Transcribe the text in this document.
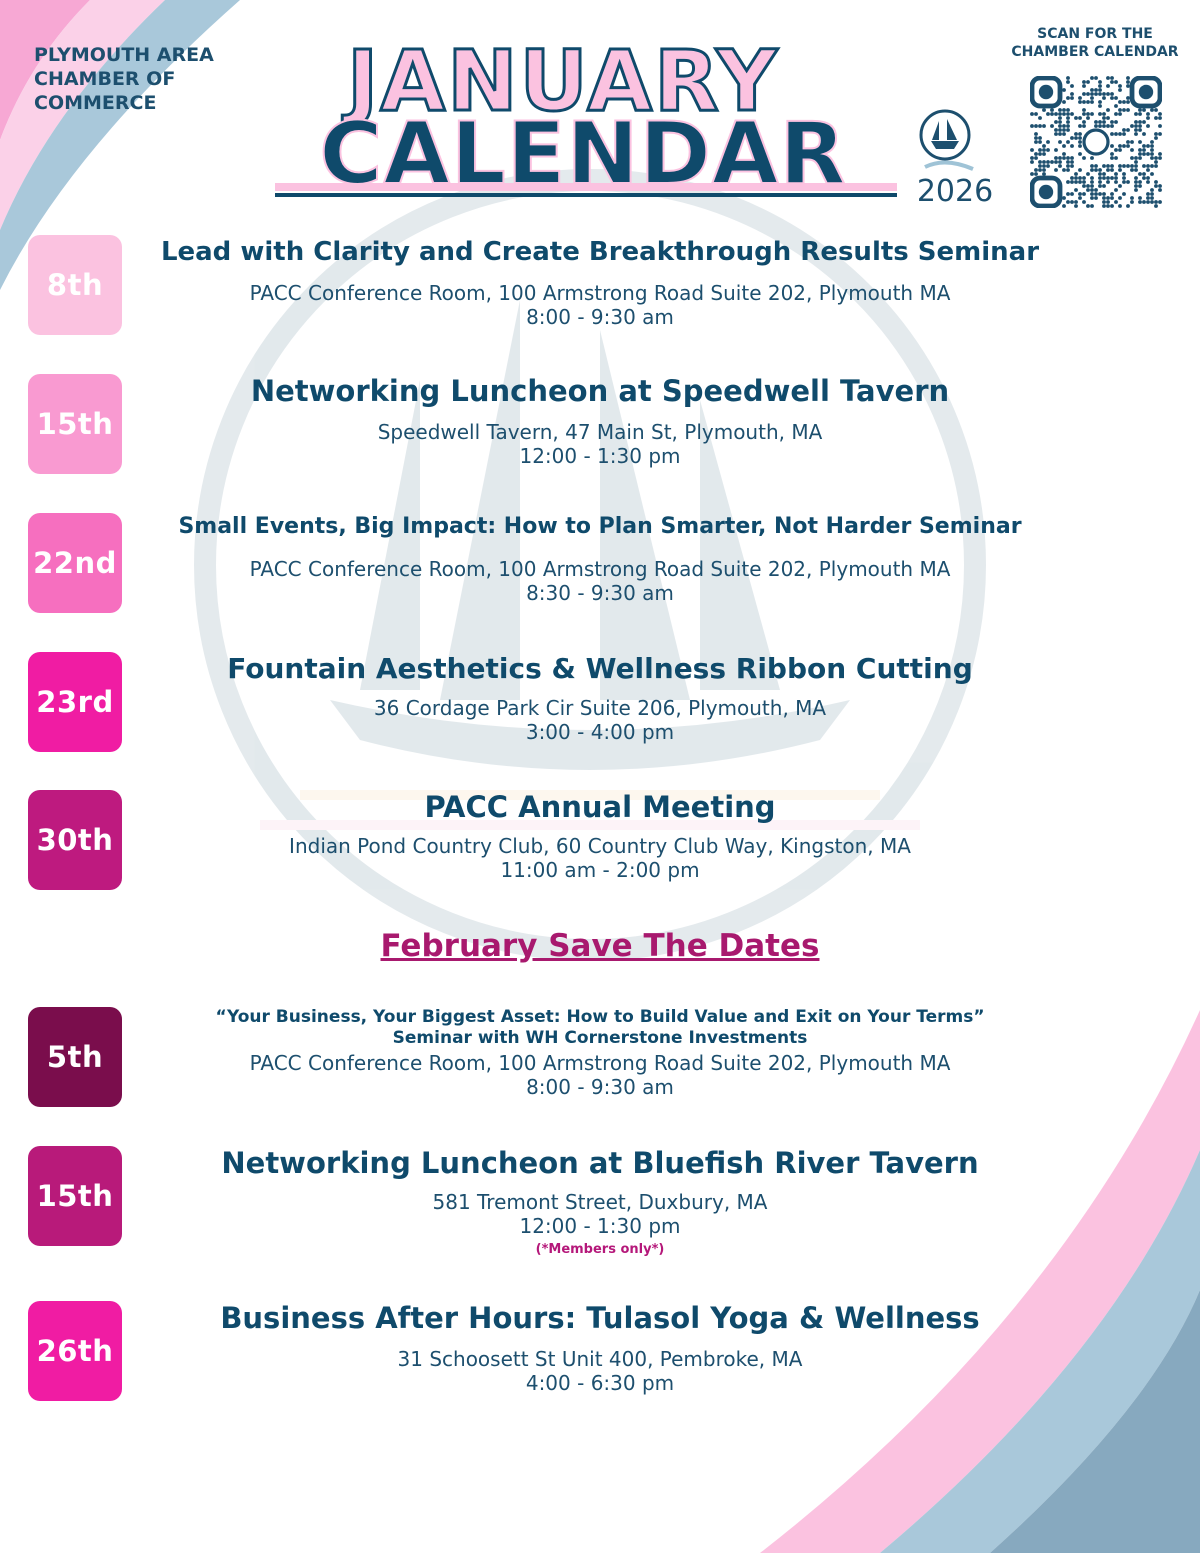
PLYMOUTH AREA
CHAMBER OF
COMMERCE	JANUARY
CALENDAR 2026
SCAN FOR THE
CHAMBER CALENDAR
8th

Lead with Clarity and Create Breakthrough Results Seminar

PACC Conference Room, 100 Armstrong Road Suite 202, Plymouth MA

8:00 - 9:30 am

15th

Networking Luncheon at Speedwell Tavern

Speedwell Tavern, 47 Main St, Plymouth, MA

12:00 - 1:30 pm

22nd

Small Events, Big Impact: How to Plan Smarter, Not Harder Seminar

PACC Conference Room, 100 Armstrong Road Suite 202, Plymouth MA

8:30 - 9:30 am

23rd

Fountain Aesthetics & Wellness Ribbon Cutting

36 Cordage Park Cir Suite 206, Plymouth, MA

3:00 - 4:00 pm

30th

PACC Annual Meeting

Indian Pond Country Club, 60 Country Club Way, Kingston, MA

11:00 am - 2:00 pm

February Save The Dates
5th

“Your Business, Your Biggest Asset: How to Build Value and Exit on Your Terms”

Seminar with WH Cornerstone Investments

PACC Conference Room, 100 Armstrong Road Suite 202, Plymouth MA

8:00 - 9:30 am

15th

Networking Luncheon at Bluefish River Tavern

581 Tremont Street, Duxbury, MA

12:00 - 1:30 pm

(*Members only*)

26th

Business After Hours: Tulasol Yoga & Wellness

31 Schoosett St Unit 400, Pembroke, MA

4:00 - 6:30 pm
